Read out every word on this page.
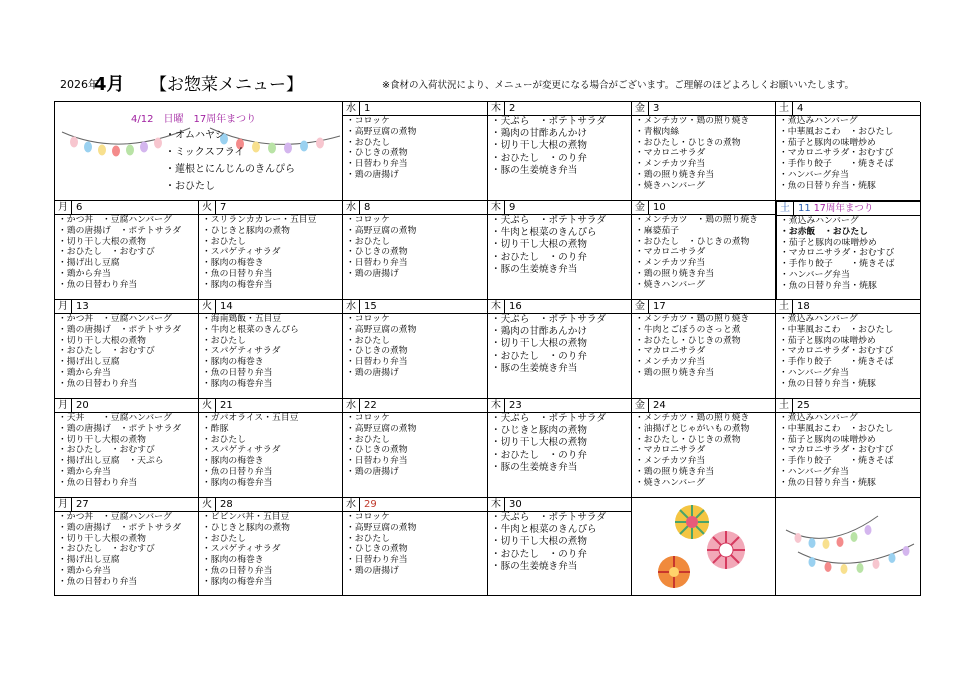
2026年
4月 【お惣菜メニュー】	※食材の入荷状況により、メニューが変更になる場合がございます。ご理解のほどよろしくお願いいたします。
4/12　日曜　17周年まつり
・オムハヤシ
・ミックスフライ
・蓮根とにんじんのきんぴら
・おひたし
水 1
・コロッケ
・高野豆腐の煮物
・おひたし
・ひじきの煮物
・日替わり弁当
・鶏の唐揚げ
木 2
・天ぷら　・ポテトサラダ
・鶏肉の甘酢あんかけ
・切り干し大根の煮物
・おひたし　・のり弁
・豚の生姜焼き弁当
金 3
・メンチカツ・鶏の照り焼き
・青椒肉絲
・おひたし・ひじきの煮物
・マカロニサラダ
・メンチカツ弁当
・鶏の照り焼き弁当
・焼きハンバーグ
土 4
・煮込みハンバーグ
・中華風おこわ　・おひたし
・茄子と豚肉の味噌炒め
・マカロニサラダ・おむすび
・手作り餃子　　・焼きそば
・ハンバーグ弁当
・魚の日替り弁当・焼豚
月 6
・かつ丼　・豆腐ハンバーグ
・鶏の唐揚げ　・ポテトサラダ
・切り干し大根の煮物
・おひたし　・おむすび
・揚げ出し豆腐
・鶏から弁当
・魚の日替わり弁当
火 7
・スリランカカレー・五目豆
・ひじきと豚肉の煮物
・おひたし
・スパゲティサラダ
・豚肉の梅巻き
・魚の日替り弁当
・豚肉の梅巻弁当
水 8
・コロッケ
・高野豆腐の煮物
・おひたし
・ひじきの煮物
・日替わり弁当
・鶏の唐揚げ
木 9
・天ぷら　・ポテトサラダ
・牛肉と根菜のきんぴら
・切り干し大根の煮物
・おひたし　・のり弁
・豚の生姜焼き弁当
金 10
・メンチカツ　・鶏の照り焼き
・麻婆茄子
・おひたし　・ひじきの煮物
・マカロニサラダ
・メンチカツ弁当
・鶏の照り焼き弁当
・焼きハンバーグ
土 11 17周年まつり
・煮込みハンバーグ
・お赤飯　・おひたし
・茄子と豚肉の味噌炒め
・マカロニサラダ・おむすび
・手作り餃子　　・焼きそば
・ハンバーグ弁当
・魚の日替り弁当・焼豚
月 13
・かつ丼　・豆腐ハンバーグ
・鶏の唐揚げ　・ポテトサラダ
・切り干し大根の煮物
・おひたし　・おむすび
・揚げ出し豆腐
・鶏から弁当
・魚の日替わり弁当
火 14
・海南鶏飯・五目豆
・牛肉と根菜のきんぴら
・おひたし
・スパゲティサラダ
・豚肉の梅巻き
・魚の日替り弁当
・豚肉の梅巻弁当
水 15
・コロッケ
・高野豆腐の煮物
・おひたし
・ひじきの煮物
・日替わり弁当
・鶏の唐揚げ
木 16
・天ぷら　・ポテトサラダ
・鶏肉の甘酢あんかけ
・切り干し大根の煮物
・おひたし　・のり弁
・豚の生姜焼き弁当
金 17
・メンチカツ・鶏の照り焼き
・牛肉とごぼうのさっと煮
・おひたし・ひじきの煮物
・マカロニサラダ
・メンチカツ弁当
・鶏の照り焼き弁当
土 18
・煮込みハンバーグ
・中華風おこわ　・おひたし
・茄子と豚肉の味噌炒め
・マカロニサラダ・おむすび
・手作り餃子　　・焼きそば
・ハンバーグ弁当
・魚の日替り弁当・焼豚
月 20
・天丼　　・豆腐ハンバーグ
・鶏の唐揚げ　・ポテトサラダ
・切り干し大根の煮物
・おひたし　・おむすび
・揚げ出し豆腐　・天ぷら
・鶏から弁当
・魚の日替わり弁当
火 21
・ガパオライス・五目豆
・酢豚
・おひたし
・スパゲティサラダ
・豚肉の梅巻き
・魚の日替り弁当
・豚肉の梅巻弁当
水 22
・コロッケ
・高野豆腐の煮物
・おひたし
・ひじきの煮物
・日替わり弁当
・鶏の唐揚げ
木 23
・天ぷら　・ポテトサラダ
・ひじきと豚肉の煮物
・切り干し大根の煮物
・おひたし　・のり弁
・豚の生姜焼き弁当
金 24
・メンチカツ・鶏の照り焼き
・油揚げとじゃがいもの煮物
・おひたし・ひじきの煮物
・マカロニサラダ
・メンチカツ弁当
・鶏の照り焼き弁当
・焼きハンバーグ
土 25
・煮込みハンバーグ
・中華風おこわ　・おひたし
・茄子と豚肉の味噌炒め
・マカロニサラダ・おむすび
・手作り餃子　　・焼きそば
・ハンバーグ弁当
・魚の日替り弁当・焼豚
月 27
・かつ丼　・豆腐ハンバーグ
・鶏の唐揚げ　・ポテトサラダ
・切り干し大根の煮物
・おひたし　・おむすび
・揚げ出し豆腐
・鶏から弁当
・魚の日替わり弁当
火 28
・ビビンバ丼・五目豆
・ひじきと豚肉の煮物
・おひたし
・スパゲティサラダ
・豚肉の梅巻き
・魚の日替り弁当
・豚肉の梅巻弁当
水 29
・コロッケ
・高野豆腐の煮物
・おひたし
・ひじきの煮物
・日替わり弁当
・鶏の唐揚げ
木 30
・天ぷら　・ポテトサラダ
・牛肉と根菜のきんぴら
・切り干し大根の煮物
・おひたし　・のり弁
・豚の生姜焼き弁当
